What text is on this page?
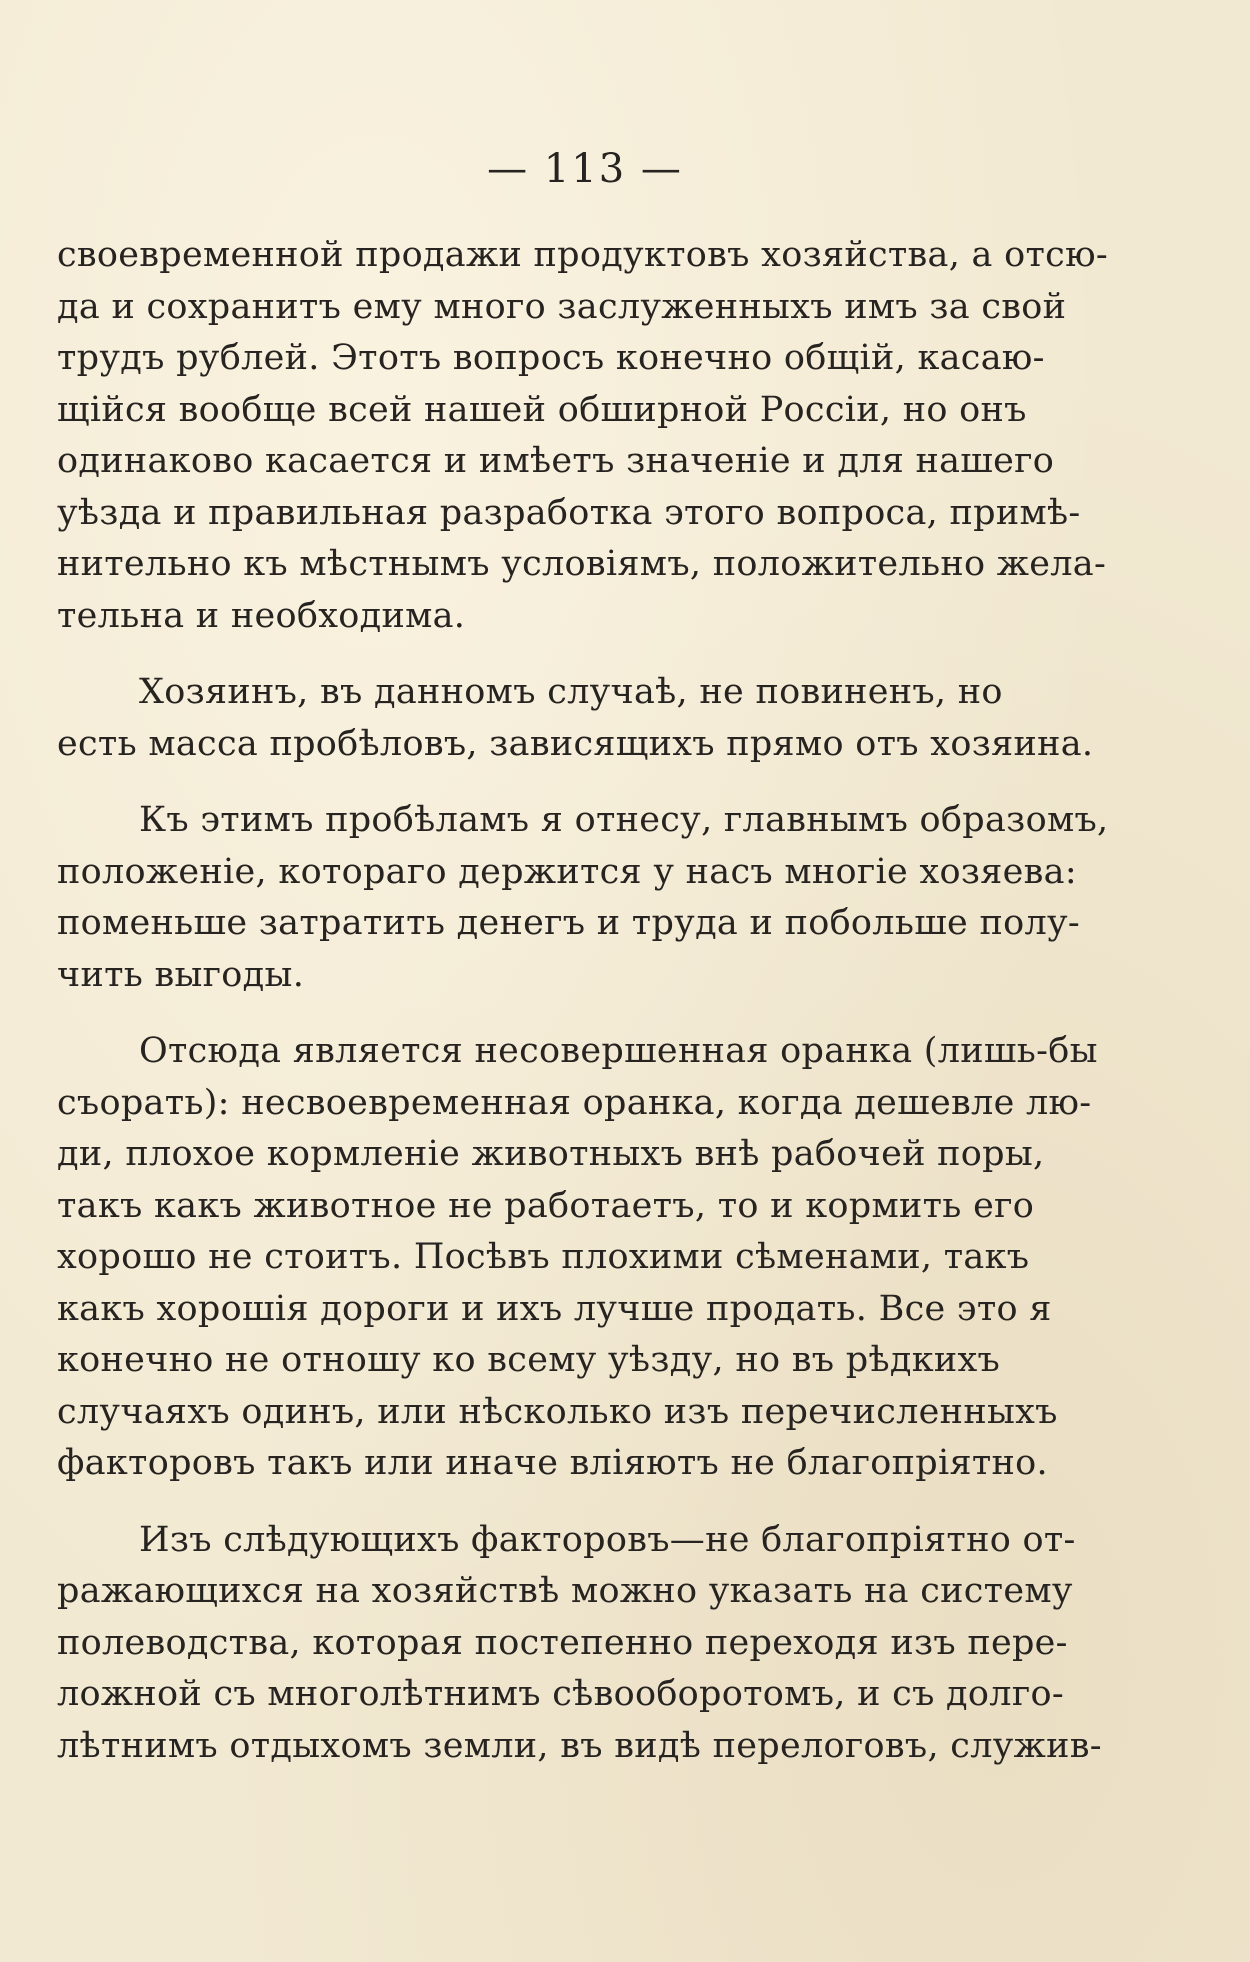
— 113 —
своевременной продажи продуктовъ хозяйства, а отсю-
да и сохранитъ ему много заслуженныхъ имъ за свой
трудъ рублей. Этотъ вопросъ конечно общій, касаю-
щійся вообще всей нашей обширной Россіи, но онъ
одинаково касается и имѣетъ значеніе и для нашего
уѣзда и правильная разработка этого вопроса, примѣ-
нительно къ мѣстнымъ условіямъ, положительно жела-
тельна и необходима.
Хозяинъ, въ данномъ случаѣ, не повиненъ, но
есть масса пробѣловъ, зависящихъ прямо отъ хозяина.
Къ этимъ пробѣламъ я отнесу, главнымъ образомъ,
положеніе, котораго держится у насъ многіе хозяева:
поменьше затратить денегъ и труда и побольше полу-
чить выгоды.
Отсюда является несовершенная оранка (лишь-бы
съорать): несвоевременная оранка, когда дешевле лю-
ди, плохое кормленіе животныхъ внѣ рабочей поры,
такъ какъ животное не работаетъ, то и кормить его
хорошо не стоитъ. Посѣвъ плохими сѣменами, такъ
какъ хорошія дороги и ихъ лучше продать. Все это я
конечно не отношу ко всему уѣзду, но въ рѣдкихъ
случаяхъ одинъ, или нѣсколько изъ перечисленныхъ
факторовъ такъ или иначе вліяютъ не благопріятно.
Изъ слѣдующихъ факторовъ—не благопріятно от-
ражающихся на хозяйствѣ можно указать на систему
полеводства, которая постепенно переходя изъ пере-
ложной съ многолѣтнимъ сѣвооборотомъ, и съ долго-
лѣтнимъ отдыхомъ земли, въ видѣ перелоговъ, служив-
